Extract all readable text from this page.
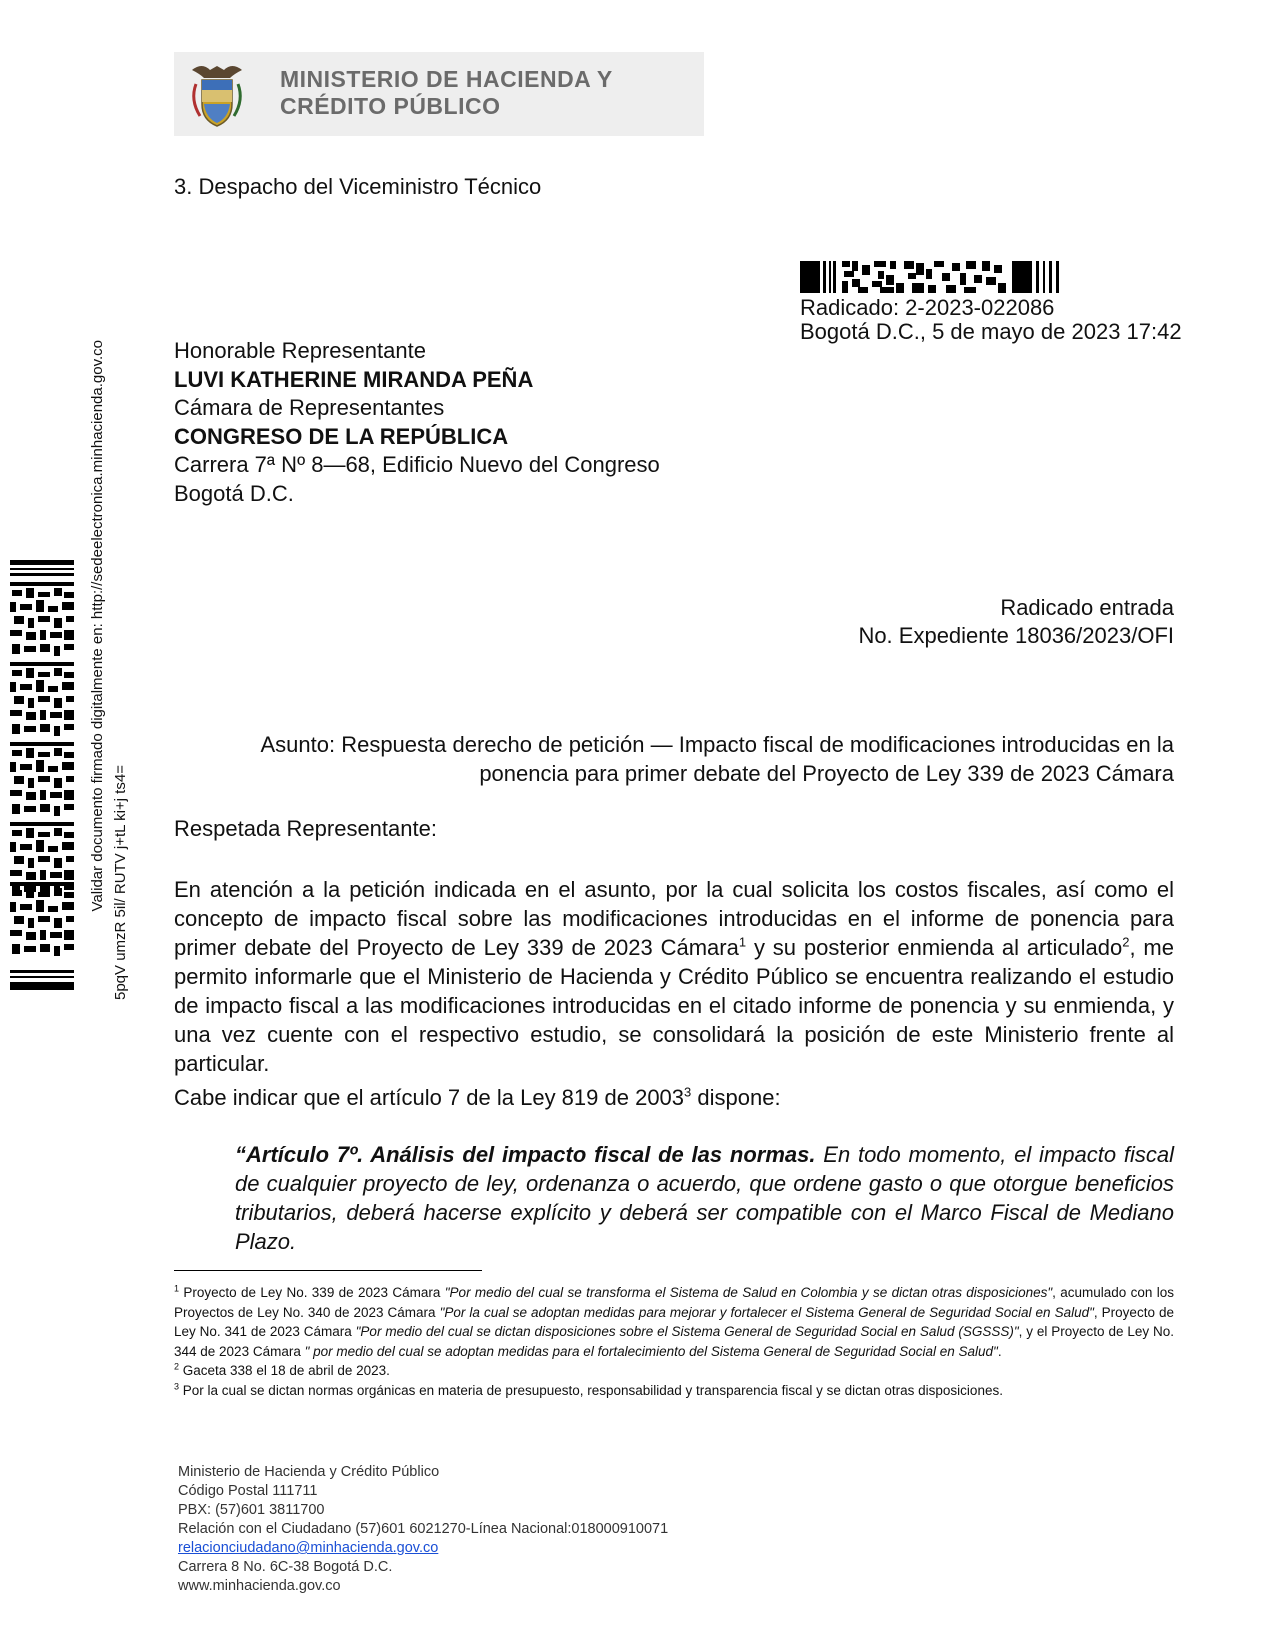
MINISTERIO DE HACIENDA Y
CRÉDITO PÚBLICO
3. Despacho del Viceministro Técnico
Radicado: 2-2023-022086
Bogotá D.C., 5 de mayo de 2023 17:42
Honorable Representante
LUVI KATHERINE MIRANDA PEÑA
Cámara de Representantes
CONGRESO DE LA REPÚBLICA
Carrera 7ª Nº 8—68, Edificio Nuevo del Congreso
Bogotá D.C.
Radicado entrada
No. Expediente 18036/2023/OFI
Asunto: Respuesta derecho de petición — Impacto fiscal de modificaciones introducidas en la
ponencia para primer debate del Proyecto de Ley 339 de 2023 Cámara
Respetada Representante:
En atención a la petición indicada en el asunto, por la cual solicita los costos fiscales, así como el concepto de impacto fiscal sobre las modificaciones introducidas en el informe de ponencia para primer debate del Proyecto de Ley 339 de 2023 Cámara$^1$ y su posterior enmienda al articulado$^2$, me permito informarle que el Ministerio de Hacienda y Crédito Público se encuentra realizando el estudio de impacto fiscal a las modificaciones introducidas en el citado informe de ponencia y su enmienda, y una vez cuente con el respectivo estudio, se consolidará la posición de este Ministerio frente al particular.
Cabe indicar que el artículo 7 de la Ley 819 de 2003$^3$ dispone:
“Artículo 7º. Análisis del impacto fiscal de las normas. En todo momento, el impacto fiscal de cualquier proyecto de ley, ordenanza o acuerdo, que ordene gasto o que otorgue beneficios tributarios, deberá hacerse explícito y deberá ser compatible con el Marco Fiscal de Mediano Plazo.

$^1$ Proyecto de Ley No. 339 de 2023 Cámara "Por medio del cual se transforma el Sistema de Salud en Colombia y se dictan otras disposiciones", acumulado con los Proyectos de Ley No. 340 de 2023 Cámara "Por la cual se adoptan medidas para mejorar y fortalecer el Sistema General de Seguridad Social en Salud", Proyecto de Ley No. 341 de 2023 Cámara "Por medio del cual se dictan disposiciones sobre el Sistema General de Seguridad Social en Salud (SGSSS)", y el Proyecto de Ley No. 344 de 2023 Cámara " por medio del cual se adoptan medidas para el fortalecimiento del Sistema General de Seguridad Social en Salud".

$^2$ Gaceta 338 el 18 de abril de 2023.

$^3$ Por la cual se dictan normas orgánicas en materia de presupuesto, responsabilidad y transparencia fiscal y se dictan otras disposiciones.

Ministerio de Hacienda y Crédito Público
Código Postal 111711
PBX: (57)601 3811700
Relación con el Ciudadano (57)601 6021270-Línea Nacional:018000910071
relacionciudadano@minhacienda.gov.co
Carrera 8 No. 6C-38 Bogotá D.C.
www.minhacienda.gov.co
Validar documento firmado digitalmente en: http://sedeelectronica.minhacienda.gov.co 5pqV umzR 5il/ RUTV j+tL ki+j ts4=
